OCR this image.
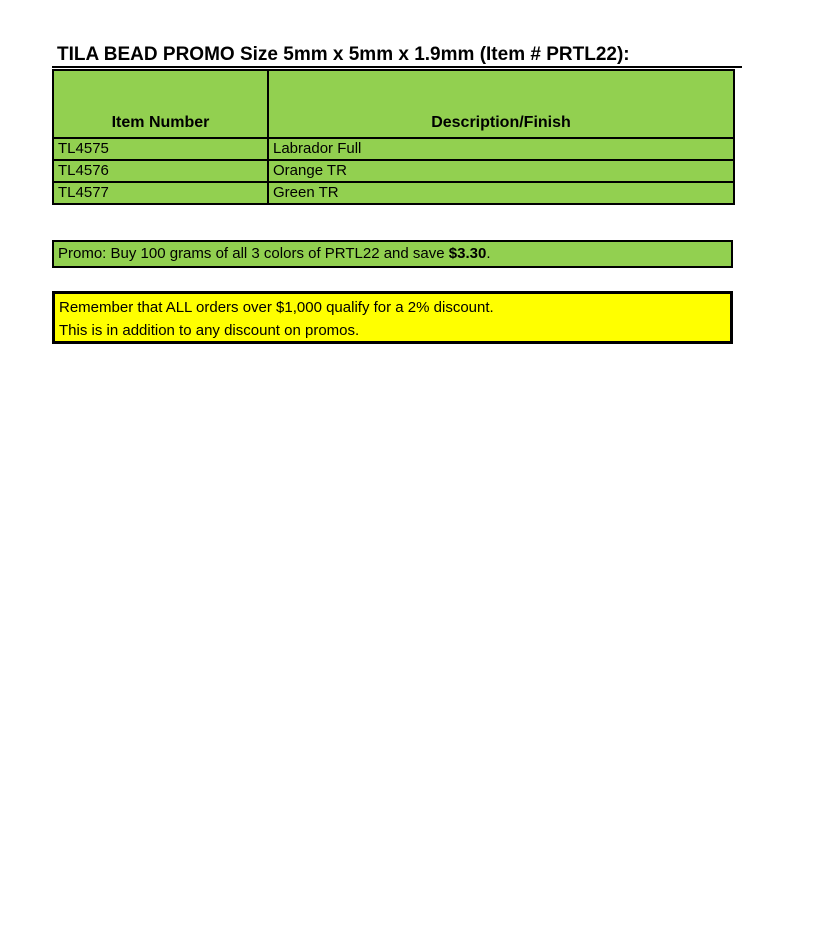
TILA BEAD PROMO Size 5mm x 5mm x 1.9mm (Item # PRTL22):
Item Number	Description/Finish
TL4575	Labrador Full
TL4576	Orange TR
TL4577	Green TR
Promo: Buy 100 grams of all 3 colors of PRTL22 and save $3.30.
Remember that ALL orders over $1,000 qualify for a 2% discount.
This is in addition to any discount on promos.
